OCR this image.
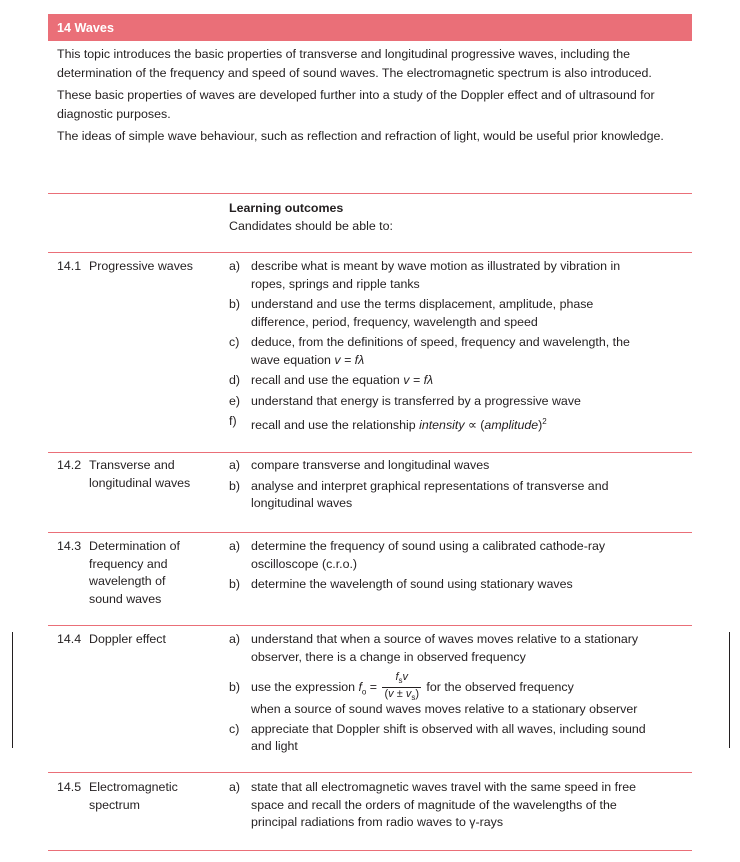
14 Waves

This topic introduces the basic properties of transverse and longitudinal progressive waves, including the determination of the frequency and speed of sound waves. The electromagnetic spectrum is also introduced.

These basic properties of waves are developed further into a study of the Doppler effect and of ultrasound for diagnostic purposes.

The ideas of simple wave behaviour, such as reflection and refraction of light, would be useful prior knowledge.

Learning outcomes
Candidates should be able to:
14.1 Progressive waves	a) describe what is meant by wave motion as illustrated by vibration in
ropes, springs and ripple tanks
b) understand and use the terms displacement, amplitude, phase
difference, period, frequency, wavelength and speed
c) deduce, from the definitions of speed, frequency and wavelength, the
wave equation v = fλ
d) recall and use the equation v = fλ
e) understand that energy is transferred by a progressive wave
f) recall and use the relationship intensity ∝ (amplitude)$^2$
14.2 Transverse and
longitudinal waves
a) compare transverse and longitudinal waves
b) analyse and interpret graphical representations of transverse and
longitudinal waves
14.3 Determination of
frequency and
wavelength of
sound waves
a) determine the frequency of sound using a calibrated cathode-ray
oscilloscope (c.r.o.)
b) determine the wavelength of sound using stationary waves
14.4 Doppler effect	a) understand that when a source of waves moves relative to a stationary
observer, there is a change in observed frequency
b) use the expression $f_o = \frac{f_sv}{(v \pm v_s)}$ for the observed frequency
when a source of sound waves moves relative to a stationary observer
c) appreciate that Doppler shift is observed with all waves, including sound
and light
14.5 Electromagnetic
spectrum
a) state that all electromagnetic waves travel with the same speed in free
space and recall the orders of magnitude of the wavelengths of the
principal radiations from radio waves to γ-rays
